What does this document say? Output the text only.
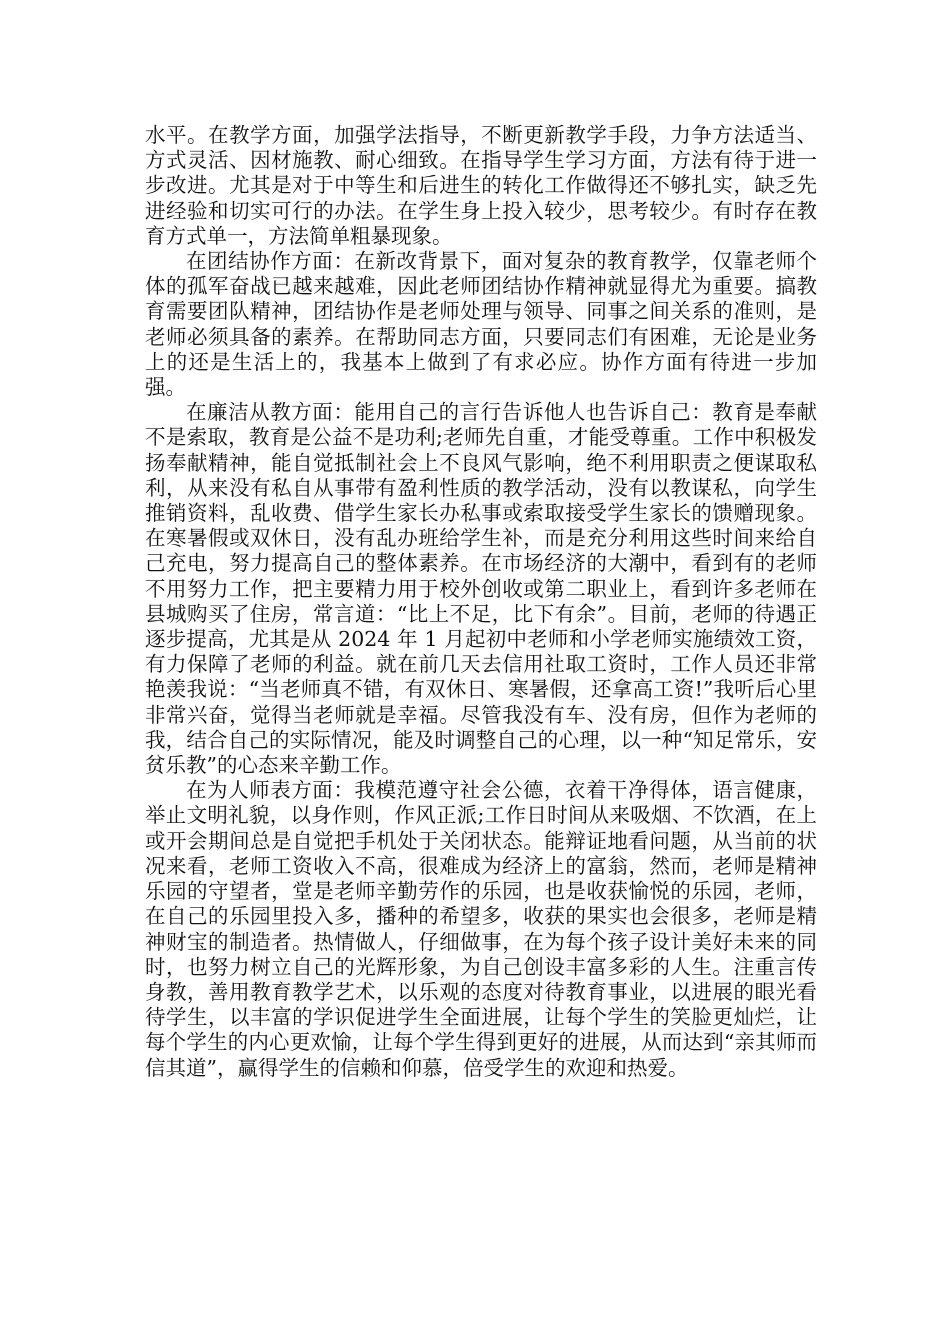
水平。在教学方面，加强学法指导，不断更新教学手段，力争方法适当、方式灵活、因材施教、耐心细致。在指导学生学习方面，方法有待于进一步改进。尤其是对于中等生和后进生的转化工作做得还不够扎实，缺乏先进经验和切实可行的办法。在学生身上投入较少，思考较少。有时存在教育方式单一，方法简单粗暴现象。

在团结协作方面：在新改背景下，面对复杂的教育教学，仅靠老师个体的孤军奋战已越来越难，因此老师团结协作精神就显得尤为重要。搞教育需要团队精神，团结协作是老师处理与领导、同事之间关系的准则，是老师必须具备的素养。在帮助同志方面，只要同志们有困难，无论是业务上的还是生活上的，我基本上做到了有求必应。协作方面有待进一步加强。

在廉洁从教方面：能用自己的言行告诉他人也告诉自己：教育是奉献不是索取，教育是公益不是功利;老师先自重，才能受尊重。工作中积极发扬奉献精神，能自觉抵制社会上不良风气影响，绝不利用职责之便谋取私利，从来没有私自从事带有盈利性质的教学活动，没有以教谋私，向学生推销资料，乱收费、借学生家长办私事或索取接受学生家长的馈赠现象。在寒暑假或双休日，没有乱办班给学生补，而是充分利用这些时间来给自己充电，努力提高自己的整体素养。在市场经济的大潮中，看到有的老师不用努力工作，把主要精力用于校外创收或第二职业上，看到许多老师在县城购买了住房，常言道：“比上不足，比下有余”。目前，老师的待遇正逐步提高，尤其是从 2024 年 1 月起初中老师和小学老师实施绩效工资，有力保障了老师的利益。就在前几天去信用社取工资时，工作人员还非常艳羡我说：“当老师真不错，有双休日、寒暑假，还拿高工资!”我听后心里非常兴奋，觉得当老师就是幸福。尽管我没有车、没有房，但作为老师的我，结合自己的实际情况，能及时调整自己的心理，以一种“知足常乐，安贫乐教”的心态来辛勤工作。

在为人师表方面：我模范遵守社会公德，衣着干净得体，语言健康，举止文明礼貌，以身作则，作风正派;工作日时间从来吸烟、不饮酒，在上或开会期间总是自觉把手机处于关闭状态。能辩证地看问题，从当前的状况来看，老师工资收入不高，很难成为经济上的富翁，然而，老师是精神乐园的守望者，堂是老师辛勤劳作的乐园，也是收获愉悦的乐园，老师，在自己的乐园里投入多，播种的希望多，收获的果实也会很多，老师是精神财宝的制造者。热情做人，仔细做事，在为每个孩子设计美好未来的同时，也努力树立自己的光辉形象，为自己创设丰富多彩的人生。注重言传身教，善用教育教学艺术，以乐观的态度对待教育事业，以进展的眼光看待学生，以丰富的学识促进学生全面进展，让每个学生的笑脸更灿烂，让每个学生的内心更欢愉，让每个学生得到更好的进展，从而达到“亲其师而信其道”，赢得学生的信赖和仰慕，倍受学生的欢迎和热爱。
